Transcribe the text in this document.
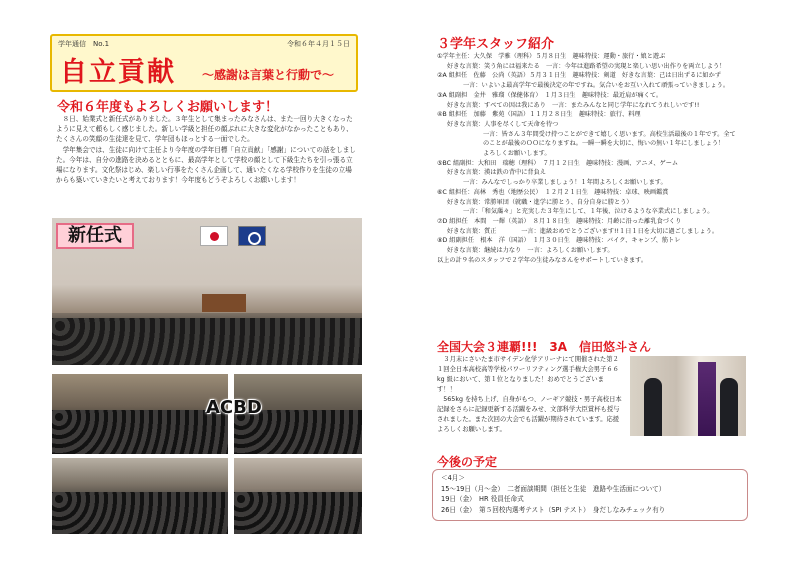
学年通信　No.1	令和６年４月１５日
自立貢献 〜感謝は言葉と行動で〜
令和６年度もよろしくお願いします！

８日、始業式と新任式がありました。３年生として集まったみなさんは、また一回り大きくなったように見えて頼もしく感じました。新しい学級と担任の顔ぶれに大きな変化がなかったこともあり、たくさんの笑顔の生徒達を見て、学年団もほっとする一面でした。

学年集会では、生徒に向けて主任より今年度の学年目標「自立貢献」「感謝」についての話をしました。今年は、自分の進路を決めるとともに、最高学年として学校の顔として下級生たちを引っ張る立場になります。文化祭はじめ、楽しい行事をたくさん企画して、通いたくなる学校作りを生徒の立場からも築いていきたいと考えております！今年度もどうぞよろしくお願いします！

新任式
ACBD
３学年スタッフ紹介
①学年主任：大久保　学雅（理科）５月８日生　趣味特技：運動・旅行・娘と遊ぶ
好きな言葉：笑う角には福来たる　一言：今年は進路希望の実現と楽しい思い出作りを両立しよう！
②A 組担任　佐藤　公尚（英語）５月３１日生　趣味特技：剣道　好きな言葉：己は日出ずるに如かず
一言：いよいよ最高学年で最後決定の年ですね。気合いをお互い入れて頑張っていきましょう。
③A 組副担　金井　雅瑠（保健体育）　１月３日生　趣味特技：最近肩が痛くて。
好きな言葉：すべての因は我にあり　一言：またみんなと同じ学年になれてうれしいです!!
④B 組担任　加藤　紫苑（国語）１１月２８日生　趣味特技：旅行、料理
好きな言葉：人事を尽くして天命を待つ
一言：皆さん３年間受け持つことができて嬉しく思います。高校生活最後の１年です。全て
のことが最後のＯＯになりますね。一瞬一瞬を大切に、悔いの無い１年にしましょう！
よろしくお願いします。
⑤BC 組副担：大和田　瑞穂（理科）　７月１２日生　趣味特技：漫画、アニメ、ゲーム
好きな言葉：漢は鉄の背中に背負え
一言：みんなでしっかり卒業しましょう！１年間よろしくお願いします。
⑥C 組担任：高林　秀也（地歴公民）　１２月２１日生　趣味特技：卓球、映画鑑賞
好きな言葉：常勝軍団（就職・進学に勝とう、自分自身に勝とう）
一言：「和気藹々」と充実した３年生にして、１年後、泣けるような卒業式にしましょう。
⑦D 組担任　本間　一輝（英語）　８月１８日生　趣味特技：月齢に沿った離乳食づくり
好きな言葉：質正　　　　一言：進級おめでとうございます!!１日１日を大切に過ごしましょう。
⑧D 組副担任　根本　洋（国語）　１月３０日生　趣味特技：バイク、キャンプ、筋トレ
好きな言葉：継続は力なり　一言：よろしくお願いします。
以上の計９名のスタッフで２学年の生徒みなさんをサポートしていきます。
全国大会３連覇!!!　3A　信田悠斗さん

３月末にさいたま市サイデン化学アリーナにて開催された第２１回全日本高校高等学校パワーリフティング選手権大会男子６６kg 級において、第１位となりました！おめでとうございます！！

565kg を持ち上げ、自身がもつ、ノーギア競技・男子高校日本記録をさらに記録更新する活躍をみせ、文部科学大臣賞杯も授与されました。また次回の大会でも活躍が期待されています。応援よろしくお願いします。

今後の予定
＜4月＞
15〜19日（月〜金）　二者面談期間（担任と生徒　進路や生活面について）
19日（金）　HR 役員任命式
26日（金）　第５回校内選考テスト（SPI テスト）　身だしなみチェック有り
